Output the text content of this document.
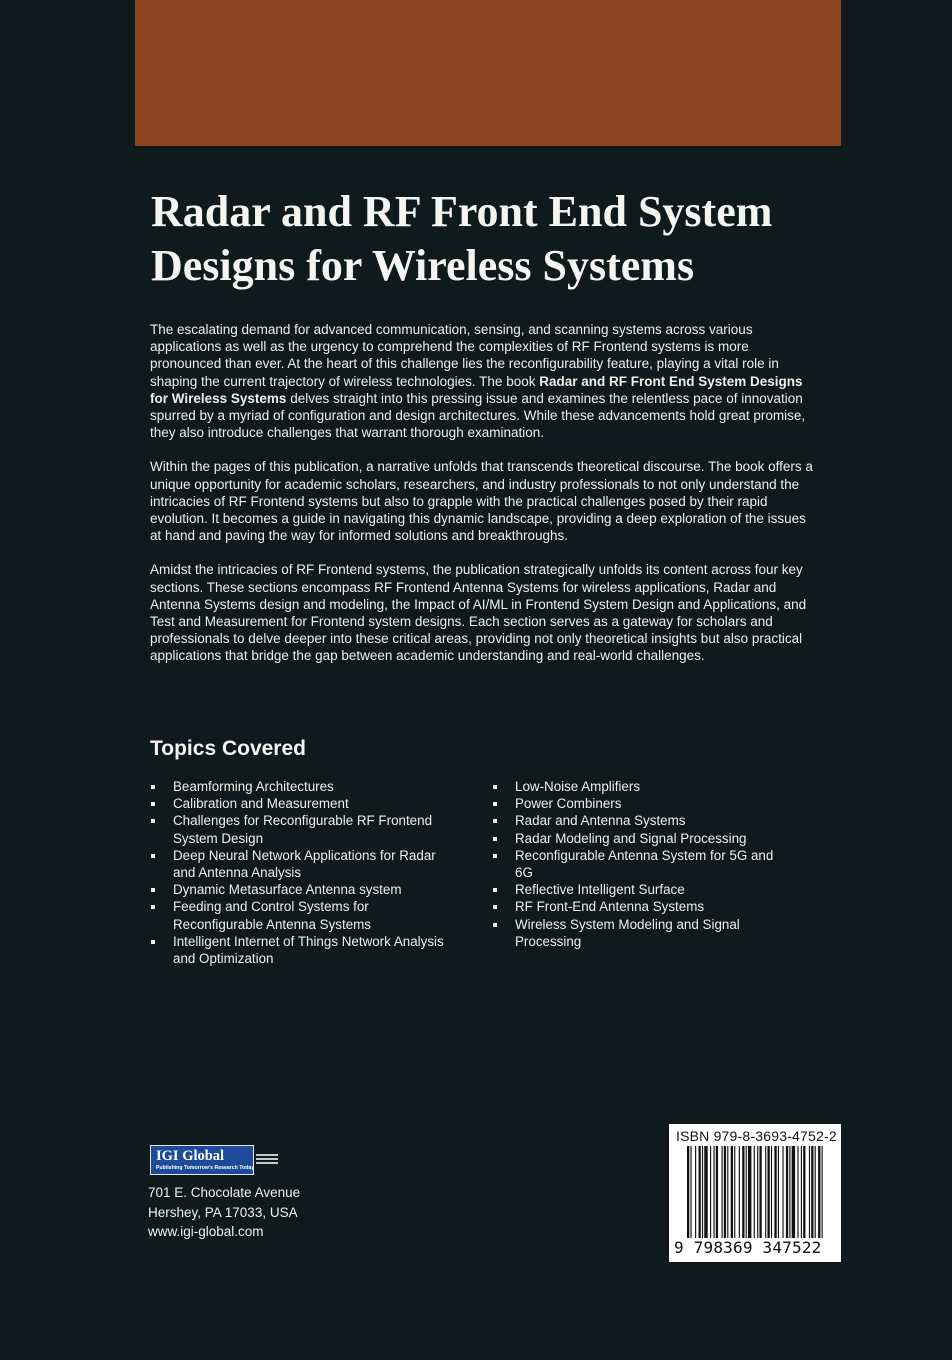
Radar and RF Front End System
Designs for Wireless Systems

The escalating demand for advanced communication, sensing, and scanning systems across various applications as well as the urgency to comprehend the complexities of RF Frontend systems is more pronounced than ever. At the heart of this challenge lies the reconfigurability feature, playing a vital role in shaping the current trajectory of wireless technologies. The book Radar and RF Front End System Designs for Wireless Systems delves straight into this pressing issue and examines the relentless pace of innovation spurred by a myriad of configuration and design architectures. While these advancements hold great promise, they also introduce challenges that warrant thorough examination.

Within the pages of this publication, a narrative unfolds that transcends theoretical discourse. The book offers a unique opportunity for academic scholars, researchers, and industry professionals to not only understand the intricacies of RF Frontend systems but also to grapple with the practical challenges posed by their rapid evolution. It becomes a guide in navigating this dynamic landscape, providing a deep exploration of the issues at hand and paving the way for informed solutions and breakthroughs.

Amidst the intricacies of RF Frontend systems, the publication strategically unfolds its content across four key sections. These sections encompass RF Frontend Antenna Systems for wireless applications, Radar and Antenna Systems design and modeling, the Impact of AI/ML in Frontend System Design and Applications, and Test and Measurement for Frontend system designs. Each section serves as a gateway for scholars and professionals to delve deeper into these critical areas, providing not only theoretical insights but also practical applications that bridge the gap between academic understanding and real-world challenges.

Topics Covered
Beamforming Architectures
Calibration and Measurement
Challenges for Reconfigurable RF Frontend System Design
Deep Neural Network Applications for Radar and Antenna Analysis
Dynamic Metasurface Antenna system
Feeding and Control Systems for Reconfigurable Antenna Systems
Intelligent Internet of Things Network Analysis and Optimization
Low-Noise Amplifiers
Power Combiners
Radar and Antenna Systems
Radar Modeling and Signal Processing
Reconfigurable Antenna System for 5G and 6G
Reflective Intelligent Surface
RF Front-End Antenna Systems
Wireless System Modeling and Signal Processing
IGI Global
Publishing Tomorrow's Research Today
701 E. Chocolate Avenue
Hershey, PA 17033, USA
www.igi-global.com
ISBN 979-8-3693-4752-2
9 798369 347522
